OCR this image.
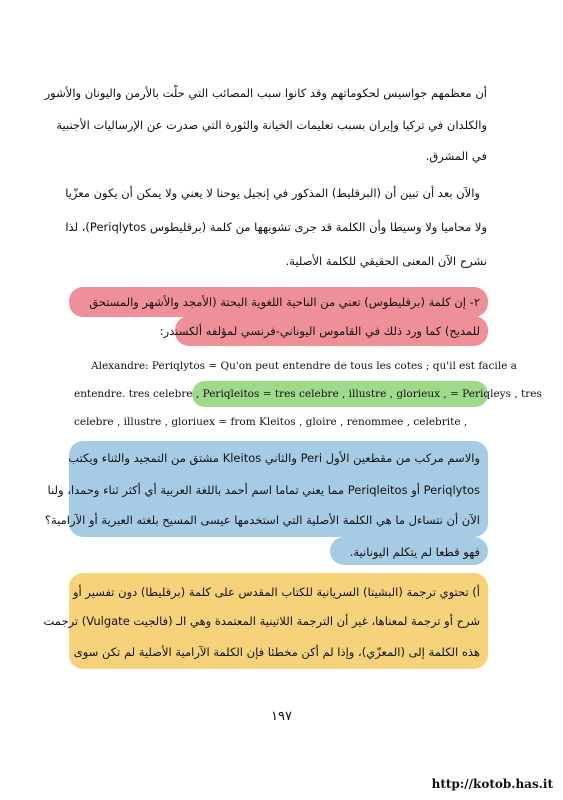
أن معظمهم جواسيس لحكوماتهم وقد كانوا سبب المصائب التي حلّت بالأرمن واليونان والأشور
والكلدان في تركيا وإيران بسبب تعليمات الخيانة والثورة التي صدرت عن الإرساليات الأجنبية
في المشرق.
والآن بعد أن تبين أن (البرقليط) المذكور في إنجيل يوحنا لا يعني ولا يمكن أن يكون معزّيا
ولا محاميا ولا وسيطا وأن الكلمة قد جرى تشويهها من كلمة (برقليطوس Periqlytos)، لذا
نشرح الآن المعنى الحقيقي للكلمة الأصلية.
٢- إن كلمة (برقليطوس) تعني من الناحية اللغوية البحتة (الأمجد والأشهر والمستحق
للمديح) كما ورد ذلك في القاموس اليوناني-فرنسي لمؤلفه ألكسندر:
Alexandre: Periqlytos = Qu'on peut entendre de tous les cotes ; qu'il est facile a
entendre. tres celebre , Periqleitos = tres celebre , illustre , glorieux , = Periqleys , tres
celebre , illustre , gloriuex = from Kleitos , gloire , renommee , celebrite ,
والاسم مركب من مقطعين الأول Peri والثاني Kleitos مشتق من التمجيد والثناء ويكتب
Periqlytos أو Periqleitos مما يعني تماما اسم أحمد باللغة العربية أي أكثر ثناء وحمدا، ولنا
الآن أن نتساءل ما هي الكلمة الأصلية التي استخدمها عيسى المسيح بلغته العبرية أو الآرامية؟
فهو قطعا لم يتكلم اليونانية.
أ) تحتوي ترجمة (البشيتا) السريانية للكتاب المقدس على كلمة (برقليطا) دون تفسير أو
شرح أو ترجمة لمعناها، غير أن الترجمة اللاتينية المعتمدة وهي الـ (فالجيت Vulgate) ترجمت
هذه الكلمة إلى (المعزّي)، وإذا لم أكن مخطئا فإن الكلمة الآرامية الأصلية لم تكن سوى
١٩٧
http://kotob.has.it
